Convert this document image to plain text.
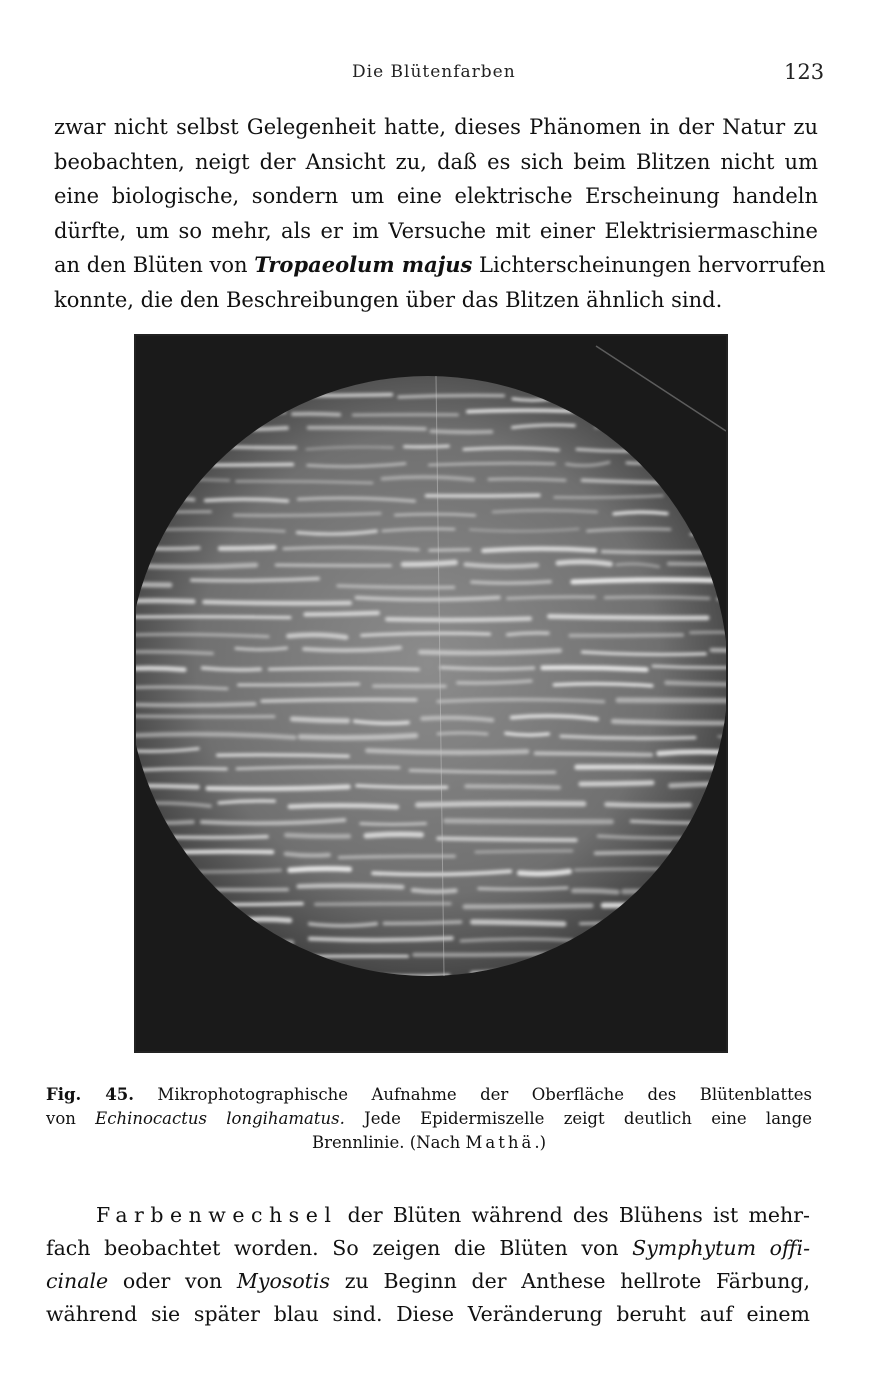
Die Blütenfarben	123
zwar nicht selbst Gelegenheit hatte, dieses Phänomen in der Natur zu
beobachten, neigt der Ansicht zu, daß es sich beim Blitzen nicht um
eine biologische, sondern um eine elektrische Erscheinung handeln
dürfte, um so mehr, als er im Versuche mit einer Elektrisiermaschine
an den Blüten von Tropaeolum majus Lichterscheinungen hervorrufen
konnte, die den Beschreibungen über das Blitzen ähnlich sind.
Fig. 45. Mikrophotographische Aufnahme der Oberfläche des Blütenblattes
von Echinocactus longihamatus. Jede Epidermiszelle zeigt deutlich eine lange
Brennlinie. (Nach Mathä.)
Farbenwechsel der Blüten während des Blühens ist mehr-
fach beobachtet worden. So zeigen die Blüten von Symphytum offi-
cinale oder von Myosotis zu Beginn der Anthese hellrote Färbung,
während sie später blau sind. Diese Veränderung beruht auf einem
